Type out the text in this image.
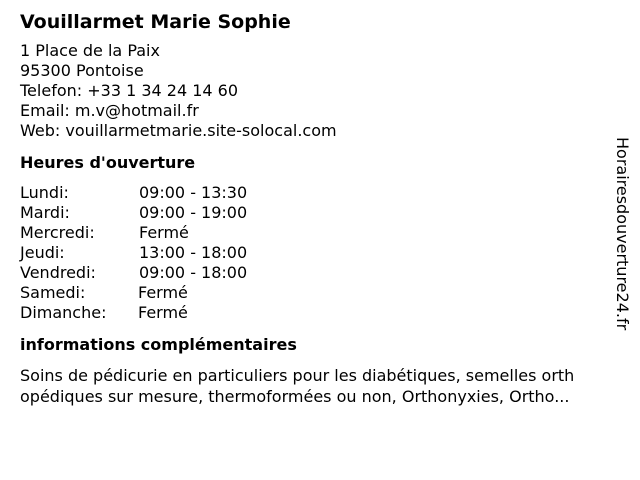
Vouillarmet Marie Sophie
1 Place de la Paix
95300 Pontoise
Telefon: +33 1 34 24 14 60
Email: m.v@hotmail.fr
Web: vouillarmetmarie.site-solocal.com
Heures d'ouverture
Lundi:	09:00 - 13:30
Mardi:	09:00 - 19:00
Mercredi:	Fermé
Jeudi:	13:00 - 18:00
Vendredi:	09:00 - 18:00
Samedi:	Fermé
Dimanche: Fermé
informations complémentaires
Soins de pédicurie en particuliers pour les diabétiques, semelles orth
opédiques sur mesure, thermoformées ou non, Orthonyxies, Ortho...
Horairesdouverture24.fr
